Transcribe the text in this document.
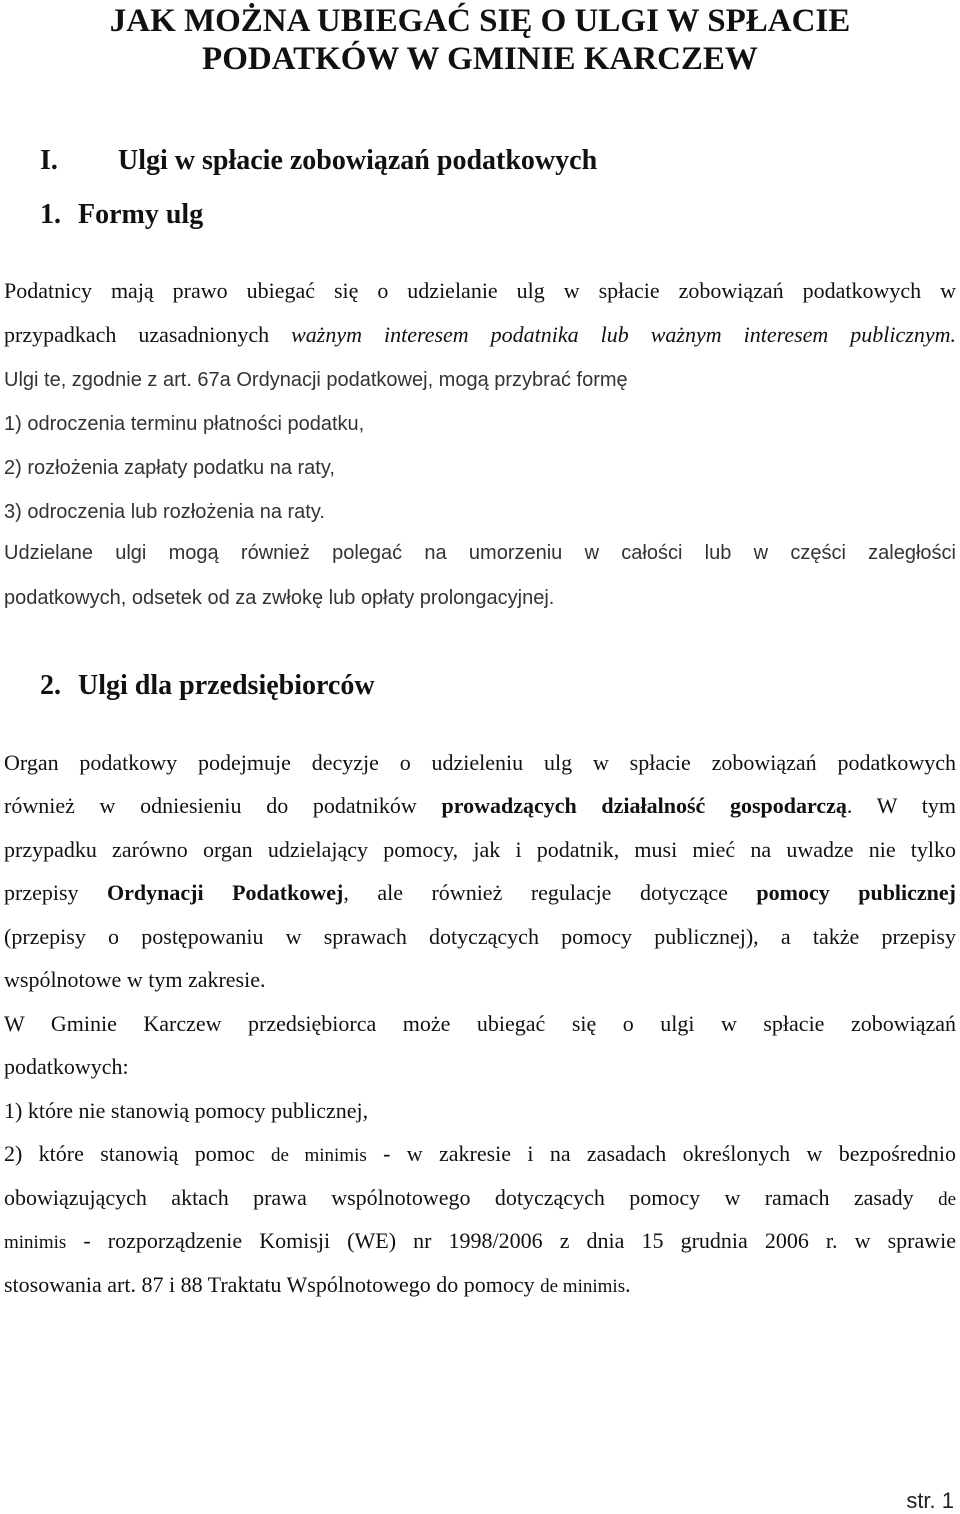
JAK MOŻNA UBIEGAĆ SIĘ O ULGI W SPŁACIE
PODATKÓW W GMINIE KARCZEW
I. Ulgi w spłacie zobowiązań podatkowych
1. Formy ulg

Podatnicy mają prawo ubiegać się o udzielanie ulg w spłacie zobowiązań podatkowych w

przypadkach uzasadnionych ważnym interesem podatnika lub ważnym interesem publicznym.

Ulgi te, zgodnie z art. 67a Ordynacji podatkowej, mogą przybrać formę

1) odroczenia terminu płatności podatku,

2) rozłożenia zapłaty podatku na raty,

3) odroczenia lub rozłożenia na raty.

Udzielane ulgi mogą również polegać na umorzeniu w całości lub w części zaległości

podatkowych, odsetek od za zwłokę lub opłaty prolongacyjnej.

2. Ulgi dla przedsiębiorców

Organ podatkowy podejmuje decyzje o udzieleniu ulg w spłacie zobowiązań podatkowych

również w odniesieniu do podatników prowadzących działalność gospodarczą. W tym

przypadku zarówno organ udzielający pomocy, jak i podatnik, musi mieć na uwadze nie tylko

przepisy Ordynacji Podatkowej, ale również regulacje dotyczące pomocy publicznej

(przepisy o postępowaniu w sprawach dotyczących pomocy publicznej), a także przepisy

wspólnotowe w tym zakresie.

W Gminie Karczew przedsiębiorca może ubiegać się o ulgi w spłacie zobowiązań

podatkowych:

1) które nie stanowią pomocy publicznej,

2) które stanowią pomoc de minimis - w zakresie i na zasadach określonych w bezpośrednio

obowiązujących aktach prawa wspólnotowego dotyczących pomocy w ramach zasady de

minimis - rozporządzenie Komisji (WE) nr 1998/2006 z dnia 15 grudnia 2006 r. w sprawie

stosowania art. 87 i 88 Traktatu Wspólnotowego do pomocy de minimis.

str. 1
